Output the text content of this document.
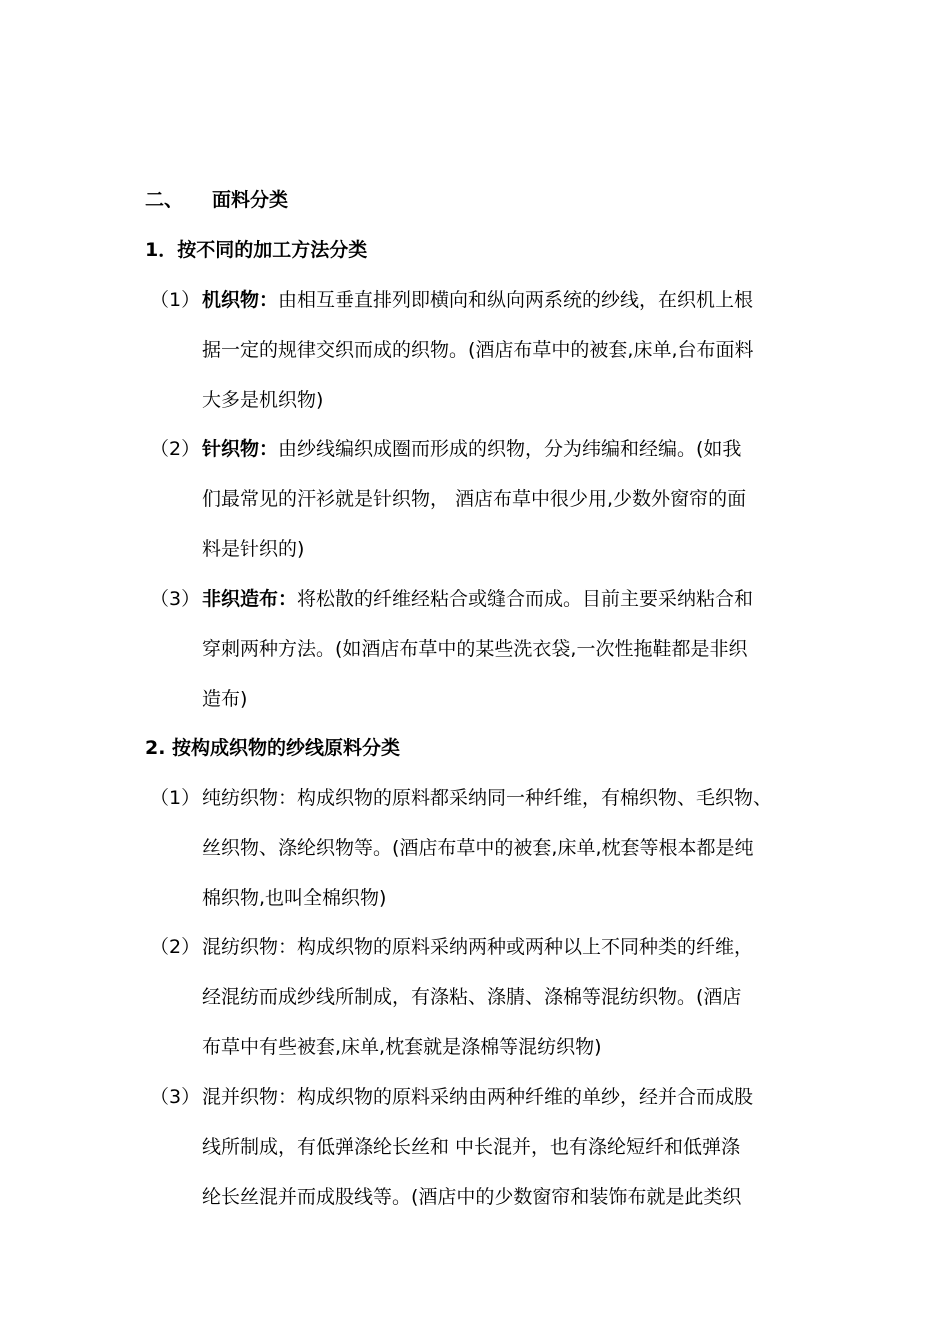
二、 面料分类
1．按不同的加工方法分类
（1） 机织物：由相互垂直排列即横向和纵向两系统的纱线，在织机上根
据一定的规律交织而成的织物。(酒店布草中的被套,床单,台布面料
大多是机织物)
（2） 针织物：由纱线编织成圈而形成的织物，分为纬编和经编。(如我
们最常见的汗衫就是针织物， 酒店布草中很少用,少数外窗帘的面
料是针织的)
（3） 非织造布：将松散的纤维经粘合或缝合而成。目前主要采纳粘合和
穿刺两种方法。(如酒店布草中的某些洗衣袋,一次性拖鞋都是非织
造布)
2. 按构成织物的纱线原料分类
（1） 纯纺织物：构成织物的原料都采纳同一种纤维，有棉织物、毛织物、
丝织物、涤纶织物等。(酒店布草中的被套,床单,枕套等根本都是纯
棉织物,也叫全棉织物)
（2） 混纺织物：构成织物的原料采纳两种或两种以上不同种类的纤维，
经混纺而成纱线所制成，有涤粘、涤腈、涤棉等混纺织物。(酒店
布草中有些被套,床单,枕套就是涤棉等混纺织物)
（3） 混并织物：构成织物的原料采纳由两种纤维的单纱，经并合而成股
线所制成，有低弹涤纶长丝和 中长混并，也有涤纶短纤和低弹涤
纶长丝混并而成股线等。(酒店中的少数窗帘和装饰布就是此类织
